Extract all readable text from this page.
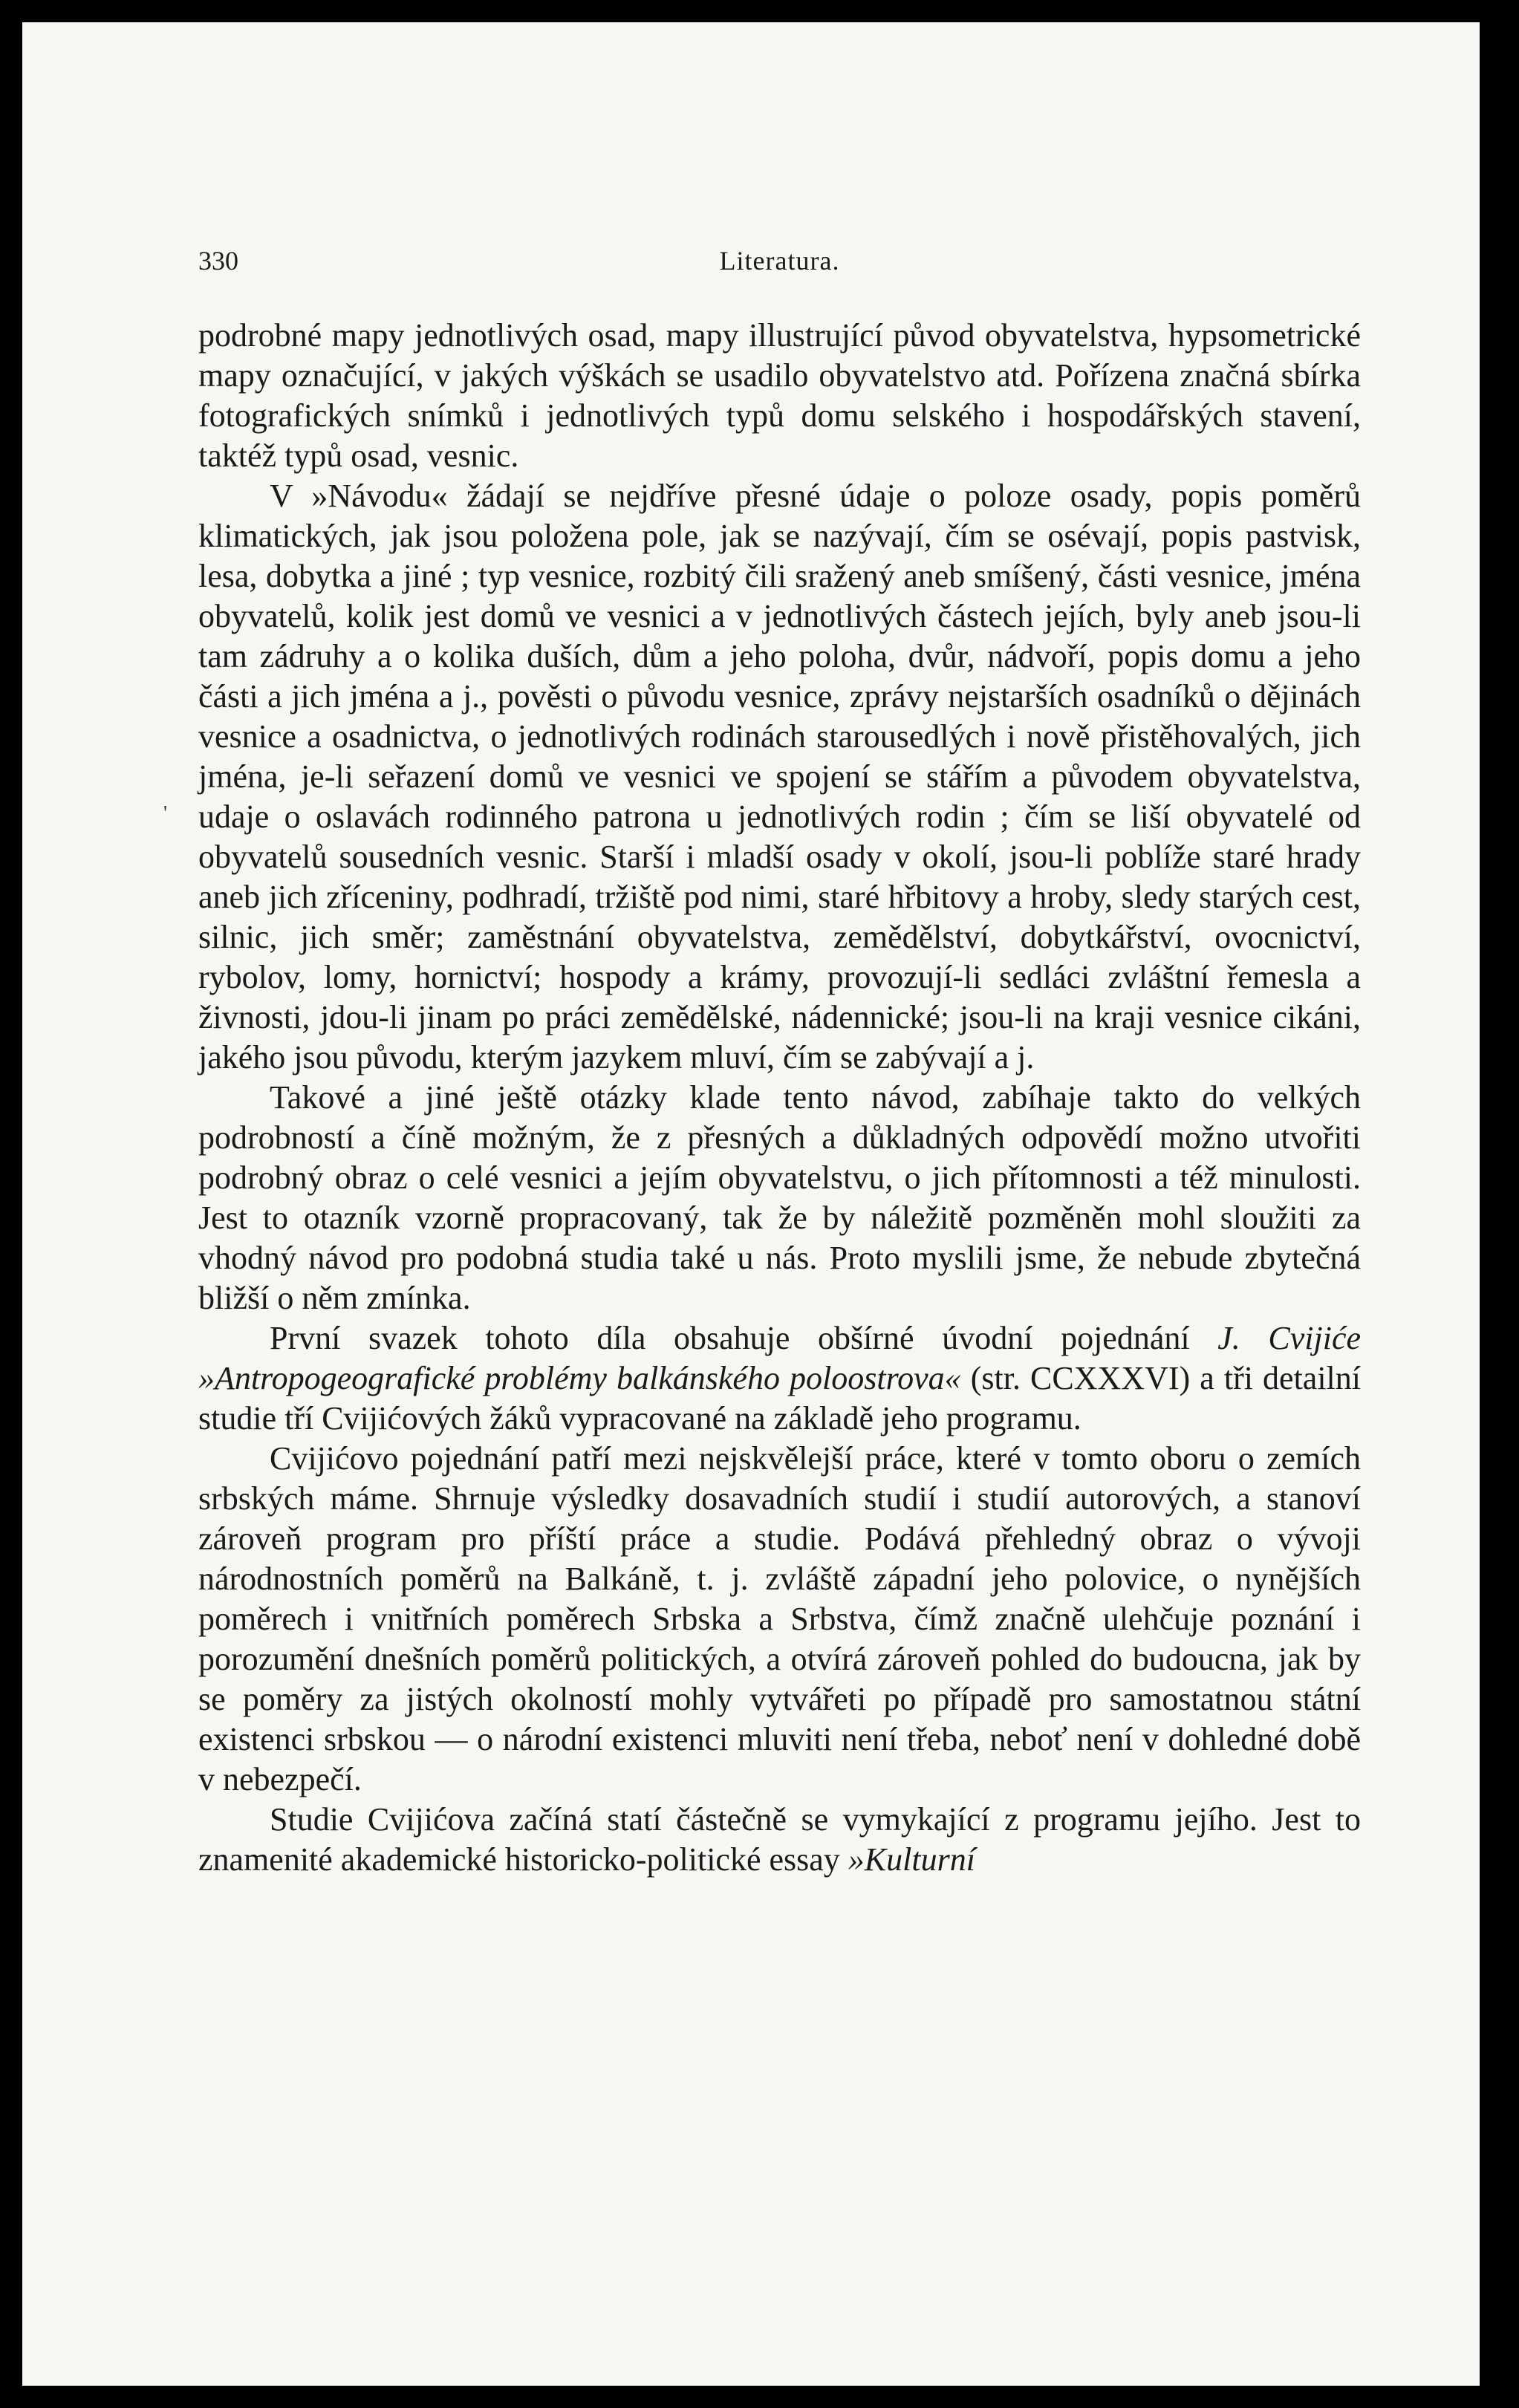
330	Literatura.

podrobné mapy jednotlivých osad, mapy illustrující původ obyvatelstva, hypsometrické mapy označující, v jakých výškách se usadilo obyvatelstvo atd. Pořízena značná sbírka fotografických snímků i jednotlivých typů domu selského i hospodářských stavení, taktéž typů osad, vesnic.

V »Návodu« žádají se nejdříve přesné údaje o poloze osady, popis poměrů klimatických, jak jsou položena pole, jak se nazývají, čím se osévají, popis pastvisk, lesa, dobytka a jiné ; typ vesnice, rozbitý čili sražený aneb smíšený, části vesnice, jména obyvatelů, kolik jest domů ve vesnici a v jednotlivých částech jejích, byly aneb jsou-li tam zádruhy a o kolika duších, dům a jeho poloha, dvůr, nádvoří, popis domu a jeho části a jich jména a j., pověsti o původu vesnice, zprávy nejstarších osadníků o dějinách vesnice a osadnictva, o jednotlivých rodinách starousedlých i nově přistěhovalých, jich jména, je-li seřazení domů ve vesnici ve spojení se stářím a původem obyvatelstva, udaje o oslavách rodinného patrona u jednotlivých rodin ; čím se liší obyvatelé od obyvatelů sousedních vesnic. Starší i mladší osady v okolí, jsou-li poblíže staré hrady aneb jich zříceniny, podhradí, tržiště pod nimi, staré hřbitovy a hroby, sledy starých cest, silnic, jich směr; zaměstnání obyvatelstva, zemědělství, dobytkářství, ovocnictví, rybolov, lomy, hornictví; hospody a krámy, provozují-li sedláci zvláštní řemesla a živnosti, jdou-li jinam po práci zemědělské, nádennické; jsou-li na kraji vesnice cikáni, jakého jsou původu, kterým jazykem mluví, čím se zabývají a j.

Takové a jiné ještě otázky klade tento návod, zabíhaje takto do velkých podrobností a číně možným, že z přesných a důkladných odpovědí možno utvořiti podrobný obraz o celé vesnici a jejím obyvatelstvu, o jich přítomnosti a též minulosti. Jest to otazník vzorně propracovaný, tak že by náležitě pozměněn mohl sloužiti za vhodný návod pro podobná studia také u nás. Proto myslili jsme, že nebude zbytečná bližší o něm zmínka.

První svazek tohoto díla obsahuje obšírné úvodní pojednání J. Cvijiće »Antropogeografické problémy balkánského poloostrova« (str. CCXXXVI) a tři detailní studie tří Cvijićových žáků vypracované na základě jeho programu.

Cvijićovo pojednání patří mezi nejskvělejší práce, které v tomto oboru o zemích srbských máme. Shrnuje výsledky dosavadních studií i studií autorových, a stanoví zároveň program pro příští práce a studie. Podává přehledný obraz o vývoji národnostních poměrů na Balkáně, t. j. zvláště západní jeho polovice, o nynějších poměrech i vnitřních poměrech Srbska a Srbstva, čímž značně ulehčuje poznání i porozumění dnešních poměrů politických, a otvírá zároveň pohled do budoucna, jak by se poměry za jistých okolností mohly vytvářeti po případě pro samostatnou státní existenci srbskou — o národní existenci mluviti není třeba, neboť není v dohledné době v nebezpečí.

Studie Cvijićova začíná statí částečně se vymykající z programu jejího. Jest to znamenité akademické historicko-politické essay »Kulturní

'
